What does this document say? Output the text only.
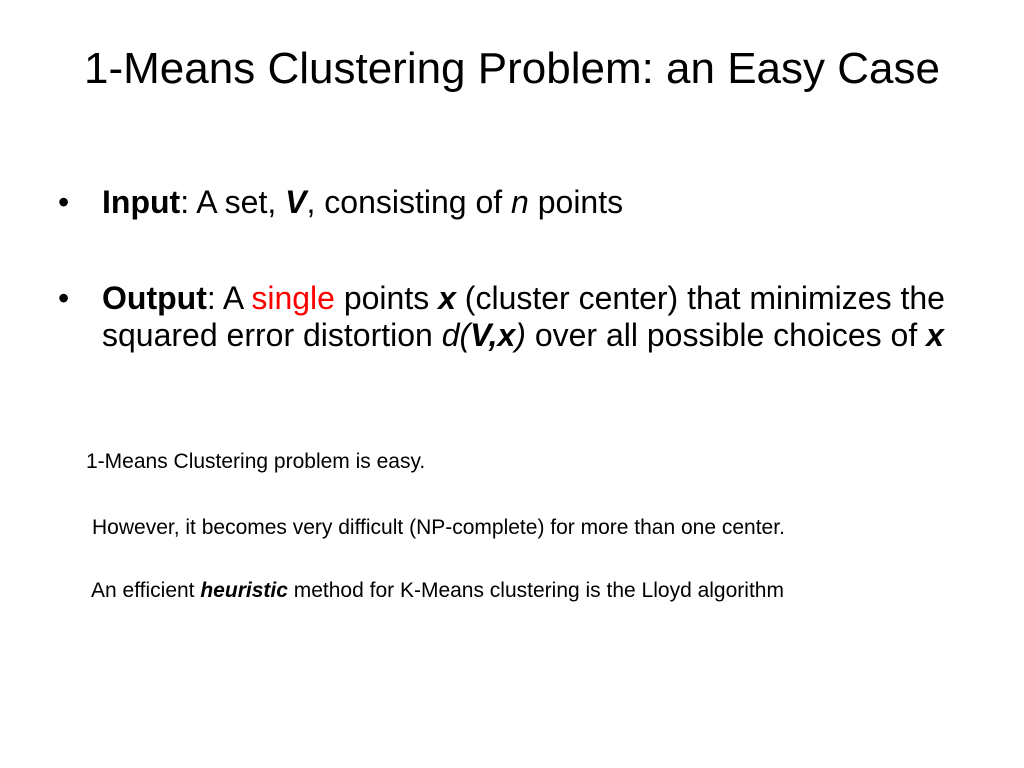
1-Means Clustering Problem: an Easy Case
• Input: A set, V, consisting of n points
• Output: A single points x (cluster center) that minimizes the squared error distortion d(V,x) over all possible choices of x
1-Means Clustering problem is easy.
However, it becomes very difficult (NP-complete) for more than one center.
An efficient heuristic method for K-Means clustering is the Lloyd algorithm
